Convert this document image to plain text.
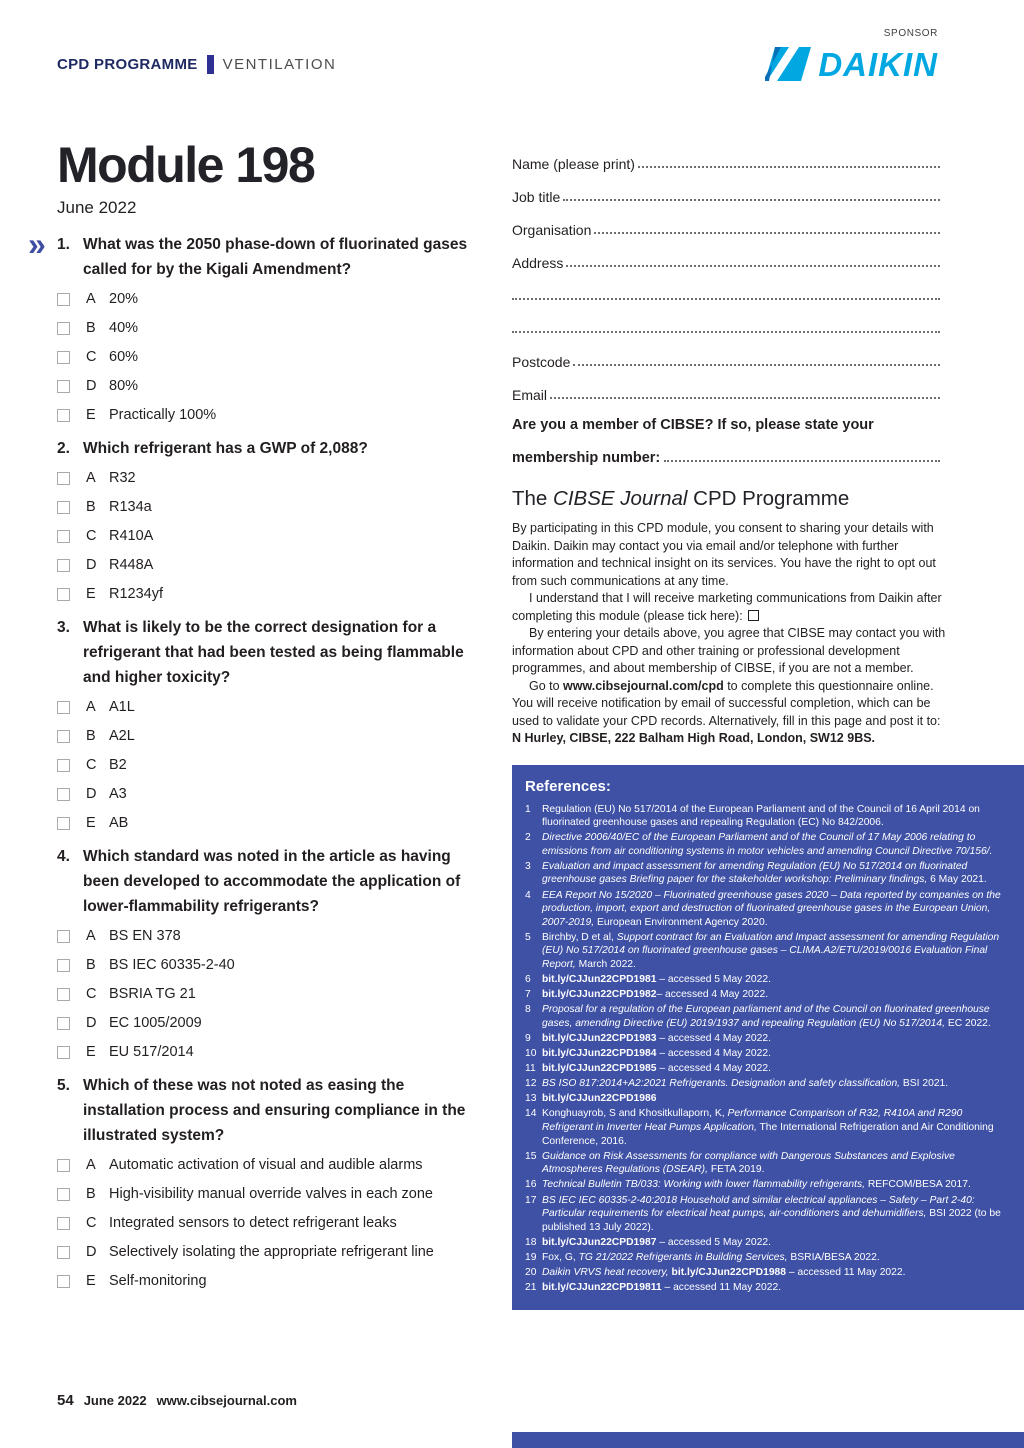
CPD PROGRAMME VENTILATION
SPONSOR
DAIKIN
»
Module 198
June 2022
1. What was the 2050 phase-down of fluorinated gases called for by the Kigali Amendment?
A 20%
B 40%
C 60%
D 80%
E Practically 100%
2. Which refrigerant has a GWP of 2,088?
A R32
B R134a
C R410A
D R448A
E R1234yf
3. What is likely to be the correct designation for a refrigerant that had been tested as being flammable and higher toxicity?
A A1L
B A2L
C B2
D A3
E AB
4. Which standard was noted in the article as having been developed to accommodate the application of lower-flammability refrigerants?
A BS EN 378
B BS IEC 60335-2-40
C BSRIA TG 21
D EC 1005/2009
E EU 517/2014
5. Which of these was not noted as easing the installation process and ensuring compliance in the illustrated system?
A Automatic activation of visual and audible alarms
B High-visibility manual override valves in each zone
C Integrated sensors to detect refrigerant leaks
D Selectively isolating the appropriate refrigerant line
E Self-monitoring
Name (please print)
Job title
Organisation
Address
Postcode
Email
Are you a member of CIBSE? If so, please state your
membership number:
The CIBSE Journal CPD Programme

By participating in this CPD module, you consent to sharing your details with Daikin. Daikin may contact you via email and/or telephone with further information and technical insight on its services. You have the right to opt out from such communications at any time.

I understand that I will receive marketing communications from Daikin after completing this module (please tick here):

By entering your details above, you agree that CIBSE may contact you with information about CPD and other training or professional development programmes, and about membership of CIBSE, if you are not a member.

Go to www.cibsejournal.com/cpd to complete this questionnaire online. You will receive notification by email of successful completion, which can be used to validate your CPD records. Alternatively, fill in this page and post it to: N Hurley, CIBSE, 222 Balham High Road, London, SW12 9BS.

References:
1	Regulation (EU) No 517/2014 of the European Parliament and of the Council of 16 April 2014 on fluorinated greenhouse gases and repealing Regulation (EC) No 842/2006.
2	Directive 2006/40/EC of the European Parliament and of the Council of 17 May 2006 relating to emissions from air conditioning systems in motor vehicles and amending Council Directive 70/156/.
3	Evaluation and impact assessment for amending Regulation (EU) No 517/2014 on fluorinated greenhouse gases Briefing paper for the stakeholder workshop: Preliminary findings, 6 May 2021.
4	EEA Report No 15/2020 – Fluorinated greenhouse gases 2020 – Data reported by companies on the production, import, export and destruction of fluorinated greenhouse gases in the European Union, 2007-2019, European Environment Agency 2020.
5	Birchby, D et al, Support contract for an Evaluation and Impact assessment for amending Regulation (EU) No 517/2014 on fluorinated greenhouse gases – CLIMA.A2/ETU/2019/0016 Evaluation Final Report, March 2022.
6	bit.ly/CJJun22CPD1981 – accessed 5 May 2022.
7	bit.ly/CJJun22CPD1982– accessed 4 May 2022.
8	Proposal for a regulation of the European parliament and of the Council on fluorinated greenhouse gases, amending Directive (EU) 2019/1937 and repealing Regulation (EU) No 517/2014, EC 2022.
9	bit.ly/CJJun22CPD1983 – accessed 4 May 2022.
10 bit.ly/CJJun22CPD1984 – accessed 4 May 2022.
11 bit.ly/CJJun22CPD1985 – accessed 4 May 2022.
12 BS ISO 817:2014+A2:2021 Refrigerants. Designation and safety classification, BSI 2021.
13 bit.ly/CJJun22CPD1986
14 Konghuayrob, S and Khositkullaporn, K, Performance Comparison of R32, R410A and R290 Refrigerant in Inverter Heat Pumps Application, The International Refrigeration and Air Conditioning Conference, 2016.
15 Guidance on Risk Assessments for compliance with Dangerous Substances and Explosive Atmospheres Regulations (DSEAR), FETA 2019.
16 Technical Bulletin TB/033: Working with lower flammability refrigerants, REFCOM/BESA 2017.
17 BS IEC IEC 60335-2-40:2018 Household and similar electrical appliances – Safety – Part 2-40: Particular requirements for electrical heat pumps, air-conditioners and dehumidifiers, BSI 2022 (to be published 13 July 2022).
18 bit.ly/CJJun22CPD1987 – accessed 5 May 2022.
19 Fox, G, TG 21/2022 Refrigerants in Building Services, BSRIA/BESA 2022.
20 Daikin VRVS heat recovery, bit.ly/CJJun22CPD1988 – accessed 11 May 2022.
21 bit.ly/CJJun22CPD19811 – accessed 11 May 2022.
54 June 2022 www.cibsejournal.com
